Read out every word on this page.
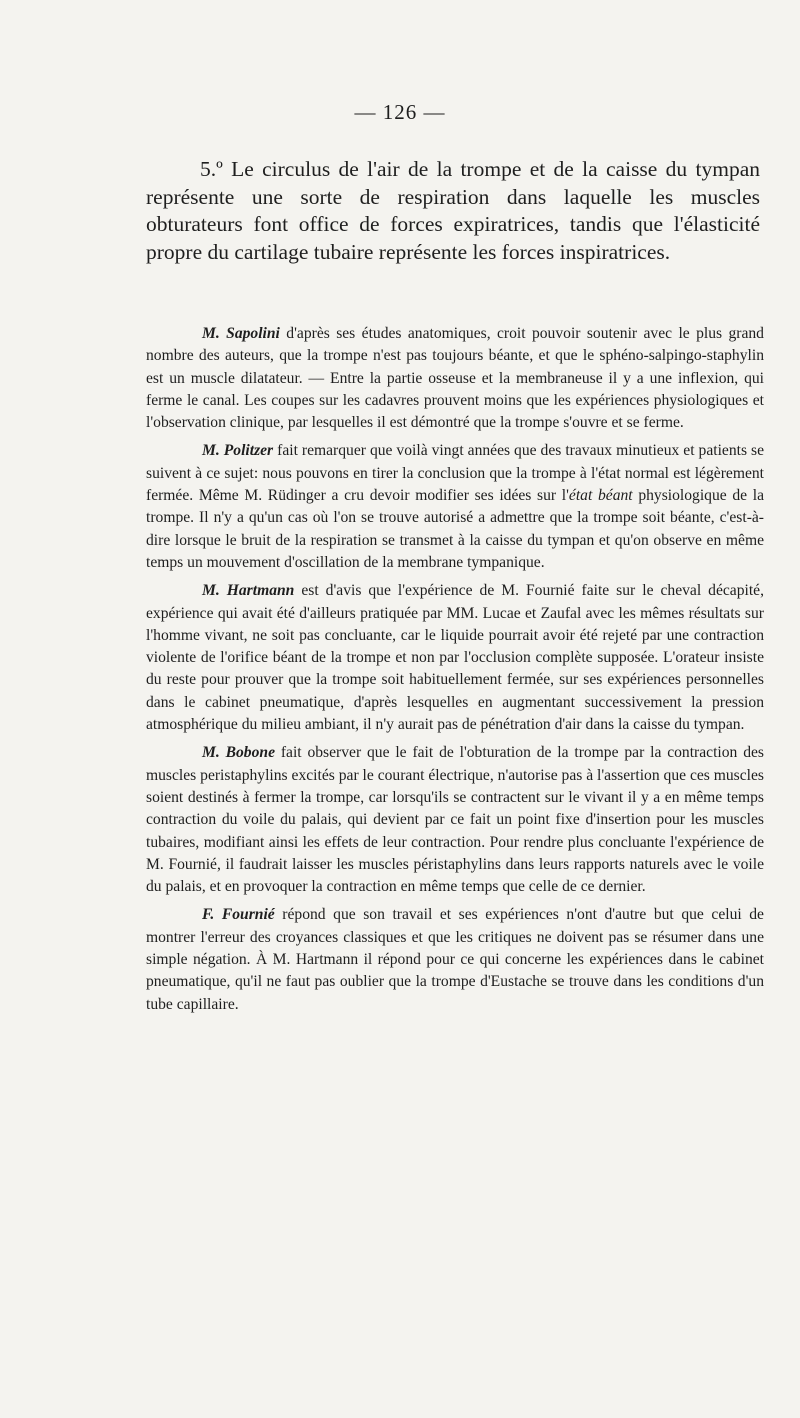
— 126 —

5.º Le circulus de l'air de la trompe et de la caisse du tympan représente une sorte de respiration dans laquelle les muscles obturateurs font office de forces expiratrices, tandis que l'élasticité propre du cartilage tubaire représente les forces inspiratrices.

M. Sapolini d'après ses études anatomiques, croit pouvoir soutenir avec le plus grand nombre des auteurs, que la trompe n'est pas toujours béante, et que le sphéno-salpingo-staphylin est un muscle dilatateur. — Entre la partie osseuse et la membraneuse il y a une inflexion, qui ferme le canal. Les coupes sur les cadavres prouvent moins que les expériences physiologiques et l'observation clinique, par lesquelles il est démontré que la trompe s'ouvre et se ferme.

M. Politzer fait remarquer que voilà vingt années que des travaux minutieux et patients se suivent à ce sujet: nous pouvons en tirer la conclusion que la trompe à l'état normal est légèrement fermée. Même M. Rüdinger a cru devoir modifier ses idées sur l'état béant physiologique de la trompe. Il n'y a qu'un cas où l'on se trouve autorisé a admettre que la trompe soit béante, c'est-à-dire lorsque le bruit de la respiration se transmet à la caisse du tympan et qu'on observe en même temps un mouvement d'oscillation de la membrane tympanique.

M. Hartmann est d'avis que l'expérience de M. Fournié faite sur le cheval décapité, expérience qui avait été d'ailleurs pratiquée par MM. Lucae et Zaufal avec les mêmes résultats sur l'homme vivant, ne soit pas concluante, car le liquide pourrait avoir été rejeté par une contraction violente de l'orifice béant de la trompe et non par l'occlusion complète supposée. L'orateur insiste du reste pour prouver que la trompe soit habituellement fermée, sur ses expériences personnelles dans le cabinet pneumatique, d'après lesquelles en augmentant successivement la pression atmosphérique du milieu ambiant, il n'y aurait pas de pénétration d'air dans la caisse du tympan.

M. Bobone fait observer que le fait de l'obturation de la trompe par la contraction des muscles peristaphylins excités par le courant électrique, n'autorise pas à l'assertion que ces muscles soient destinés à fermer la trompe, car lorsqu'ils se contractent sur le vivant il y a en même temps contraction du voile du palais, qui devient par ce fait un point fixe d'insertion pour les muscles tubaires, modifiant ainsi les effets de leur contraction. Pour rendre plus concluante l'expérience de M. Fournié, il faudrait laisser les muscles péristaphylins dans leurs rapports naturels avec le voile du palais, et en provoquer la contraction en même temps que celle de ce dernier.

F. Fournié répond que son travail et ses expériences n'ont d'autre but que celui de montrer l'erreur des croyances classiques et que les critiques ne doivent pas se résumer dans une simple négation. À M. Hartmann il répond pour ce qui concerne les expériences dans le cabinet pneumatique, qu'il ne faut pas oublier que la trompe d'Eustache se trouve dans les conditions d'un tube capillaire.
